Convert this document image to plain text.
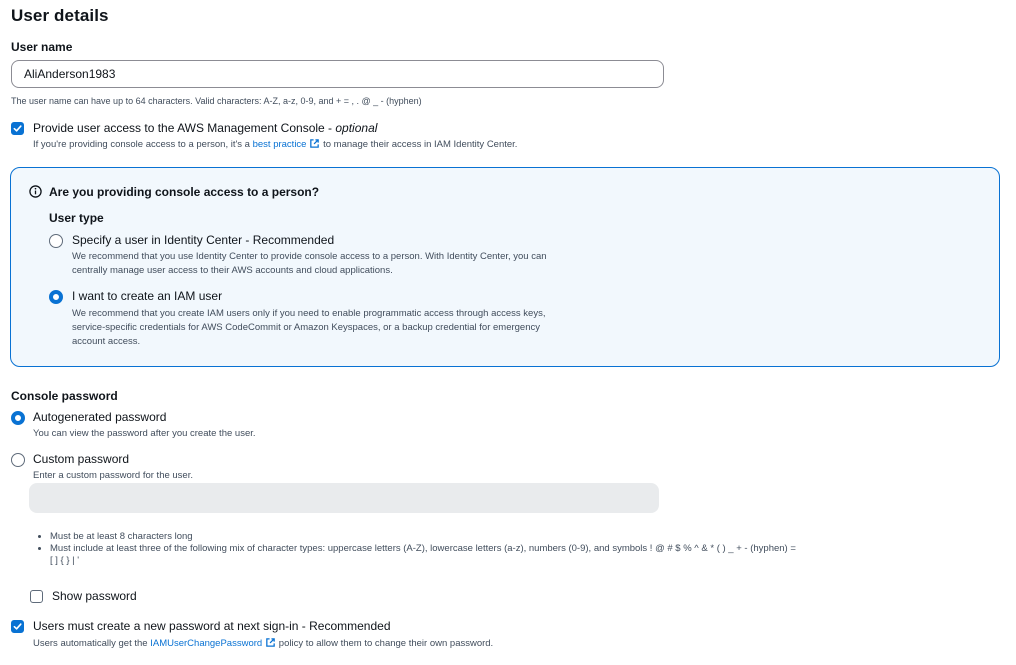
User details
User name
AliAnderson1983
The user name can have up to 64 characters. Valid characters: A-Z, a-z, 0-9, and + = , . @ _ - (hyphen)
Provide user access to the AWS Management Console - optional
If you're providing console access to a person, it's a best practice to manage their access in IAM Identity Center.
Are you providing console access to a person?
User type
Specify a user in Identity Center - Recommended
We recommend that you use Identity Center to provide console access to a person. With Identity Center, you can
centrally manage user access to their AWS accounts and cloud applications.
I want to create an IAM user
We recommend that you create IAM users only if you need to enable programmatic access through access keys,
service-specific credentials for AWS CodeCommit or Amazon Keyspaces, or a backup credential for emergency
account access.
Console password
Autogenerated password
You can view the password after you create the user.
Custom password
Enter a custom password for the user.
• Must be at least 8 characters long
• Must include at least three of the following mix of character types: uppercase letters (A-Z), lowercase letters (a-z), numbers (0-9), and symbols ! @ # $ % ^ & * ( ) _ + - (hyphen) =
[ ] { } | '
Show password
Users must create a new password at next sign-in - Recommended
Users automatically get the IAMUserChangePassword policy to allow them to change their own password.
